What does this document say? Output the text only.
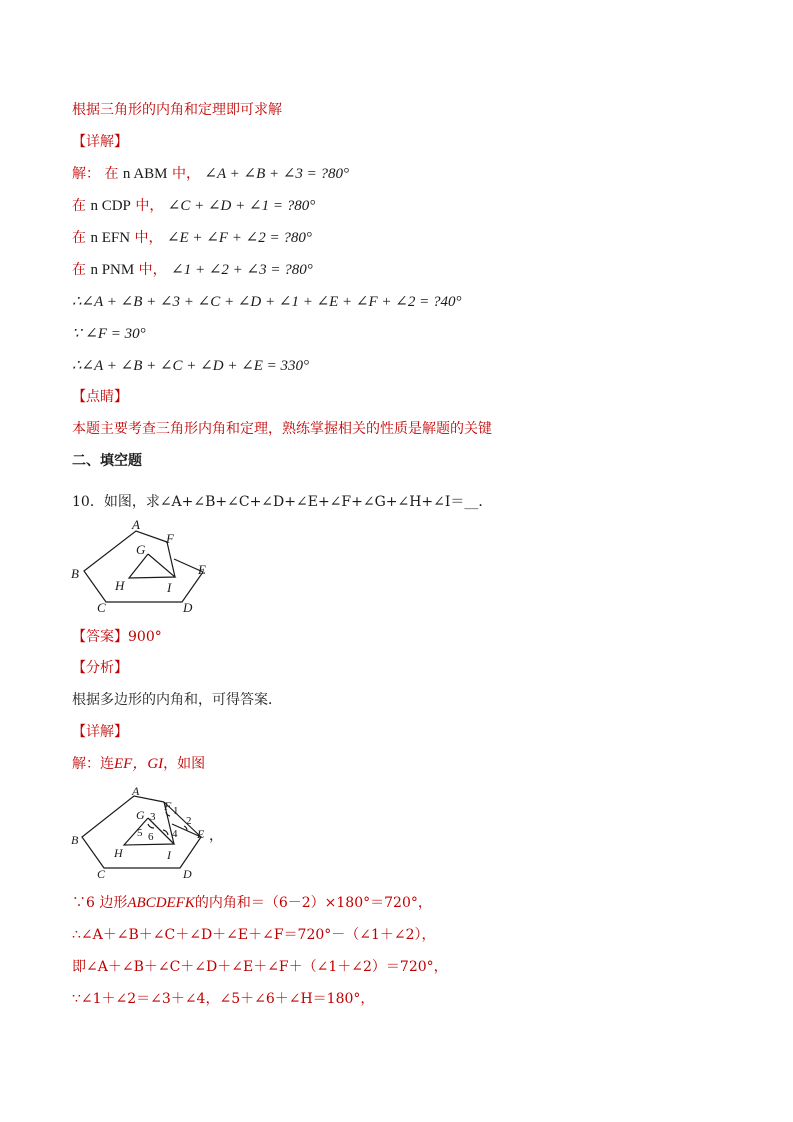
根据三角形的内角和定理即可求解
【详解】
解： 在 n ABM 中， ∠A + ∠B + ∠3 = ?80°
在 n CDP 中， ∠C + ∠D + ∠1 = ?80°
在 n EFN 中， ∠E + ∠F + ∠2 = ?80°
在 n PNM 中， ∠1 + ∠2 + ∠3 = ?80°
∴∠A + ∠B + ∠3 + ∠C + ∠D + ∠1 + ∠E + ∠F + ∠2 = ?40°
∵ ∠F = 30°
∴∠A + ∠B + ∠C + ∠D + ∠E = 330°
【点睛】
本题主要考查三角形内角和定理，熟练掌握相关的性质是解题的关键
二、填空题
10．如图，求∠A+∠B+∠C+∠D+∠E+∠F+∠G+∠H+∠I＝__．
A
F
G
B
H	I
E
C	D
【答案】900°
【分析】
根据多边形的内角和，可得答案．
【详解】
解：连EF，GI，如图
A
F
G
B
H	I
E
C	D
1
2
3
4
5 6	，
∵6 边形ABCDEFK的内角和＝（6－2）×180°＝720°，
∴∠A＋∠B＋∠C＋∠D＋∠E＋∠F＝720°－（∠1＋∠2），
即∠A＋∠B＋∠C＋∠D＋∠E＋∠F＋（∠1＋∠2）＝720°，
∵∠1＋∠2＝∠3＋∠4，∠5＋∠6＋∠H＝180°，
